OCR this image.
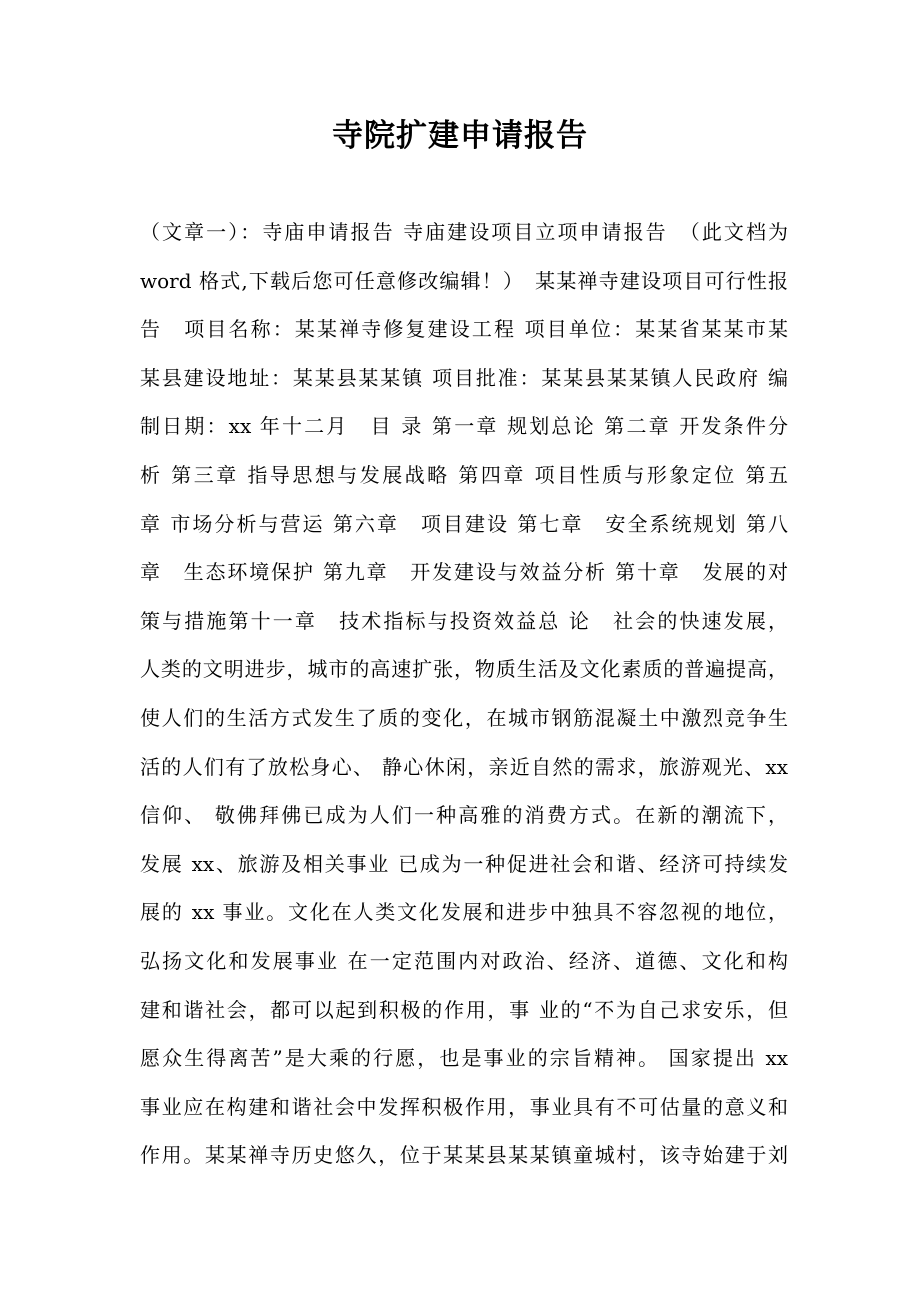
寺院扩建申请报告
（文章一）：寺庙申请报告 寺庙建设项目立项申请报告　（此文档为
word 格式,下载后您可任意修改编辑！）　某某禅寺建设项目可行性报
告　项目名称：某某禅寺修复建设工程 项目单位：某某省某某市某
某县建设地址：某某县某某镇 项目批准：某某县某某镇人民政府 编
制日期：xx 年十二月　目 录 第一章 规划总论 第二章 开发条件分
析 第三章 指导思想与发展战略 第四章 项目性质与形象定位 第五
章 市场分析与营运 第六章　项目建设 第七章　安全系统规划 第八
章　生态环境保护 第九章　开发建设与效益分析 第十章　发展的对
策与措施第十一章　技术指标与投资效益总 论　社会的快速发展，
人类的文明进步，城市的高速扩张，物质生活及文化素质的普遍提高，
使人们的生活方式发生了质的变化，在城市钢筋混凝土中激烈竞争生
活的人们有了放松身心、 静心休闲，亲近自然的需求，旅游观光、xx
信仰、 敬佛拜佛已成为人们一种高雅的消费方式。在新的潮流下，
发展 xx、旅游及相关事业 已成为一种促进社会和谐、经济可持续发
展的 xx 事业。文化在人类文化发展和进步中独具不容忽视的地位，
弘扬文化和发展事业 在一定范围内对政治、经济、道德、文化和构
建和谐社会，都可以起到积极的作用，事 业的“不为自己求安乐，但
愿众生得离苦”是大乘的行愿，也是事业的宗旨精神。 国家提出 xx
事业应在构建和谐社会中发挥积极作用，事业具有不可估量的意义和
作用。某某禅寺历史悠久，位于某某县某某镇童城村，该寺始建于刘
